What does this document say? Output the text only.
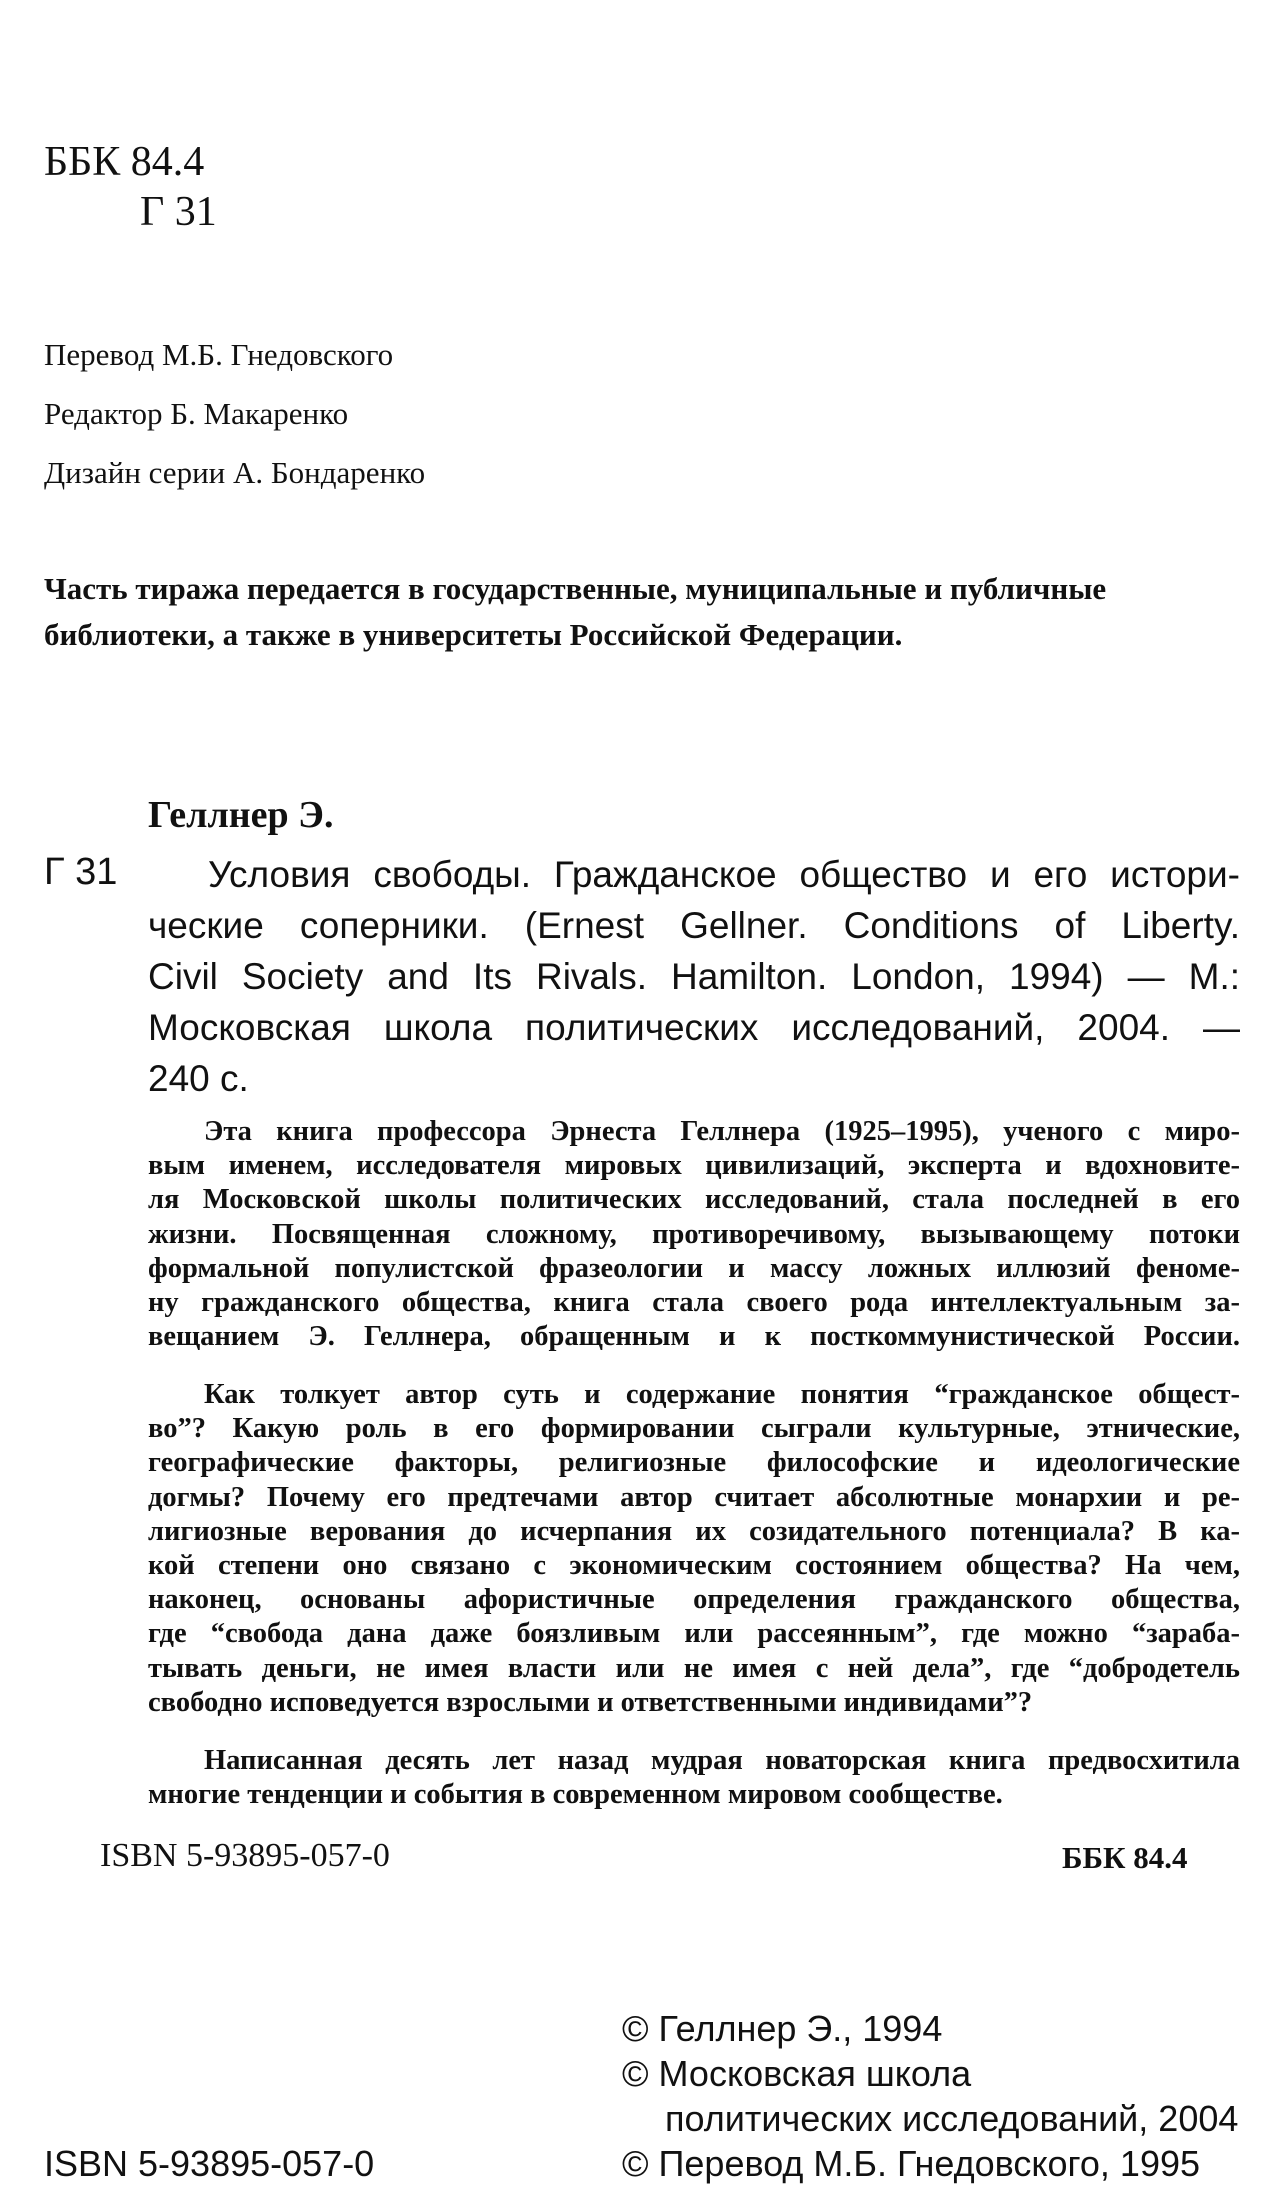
ББК 84.4
Г 31
Перевод М.Б. Гнедовского
Редактор Б. Макаренко
Дизайн серии А. Бондаренко
Часть тиража передается в государственные, муниципальные и публичные библиотеки, а также в университеты Российской Федерации.
Геллнер Э.
Г 31	Условия свободы. Гражданское общество и его истори-
ческие соперники. (Ernest Gellner. Conditions of Liberty.
Civil Society and Its Rivals. Hamilton. London, 1994) — М.:
Московская школа политических исследований, 2004. —
240 с.
Эта книга профессора Эрнеста Геллнера (1925–1995), ученого с миро-
вым именем, исследователя мировых цивилизаций, эксперта и вдохновите-
ля Московской школы политических исследований, стала последней в его
жизни. Посвященная сложному, противоречивому, вызывающему потоки
формальной популистской фразеологии и массу ложных иллюзий феноме-
ну гражданского общества, книга стала своего рода интеллектуальным за-
вещанием Э. Геллнера, обращенным и к посткоммунистической России.
Как толкует автор суть и содержание понятия “гражданское общест-
во”? Какую роль в его формировании сыграли культурные, этнические,
географические факторы, религиозные философские и идеологические
догмы? Почему его предтечами автор считает абсолютные монархии и ре-
лигиозные верования до исчерпания их созидательного потенциала? В ка-
кой степени оно связано с экономическим состоянием общества? На чем,
наконец, основаны афористичные определения гражданского общества,
где “свобода дана даже боязливым или рассеянным”, где можно “зараба-
тывать деньги, не имея власти или не имея с ней дела”, где “добродетель
свободно исповедуется взрослыми и ответственными индивидами”?
Написанная десять лет назад мудрая новаторская книга предвосхитила
многие тенденции и события в современном мировом сообществе.
ISBN 5-93895-057-0	ББК 84.4
© Геллнер Э., 1994
© Московская школа
политических исследований, 2004
© Перевод М.Б. Гнедовского, 1995
ISBN 5-93895-057-0
